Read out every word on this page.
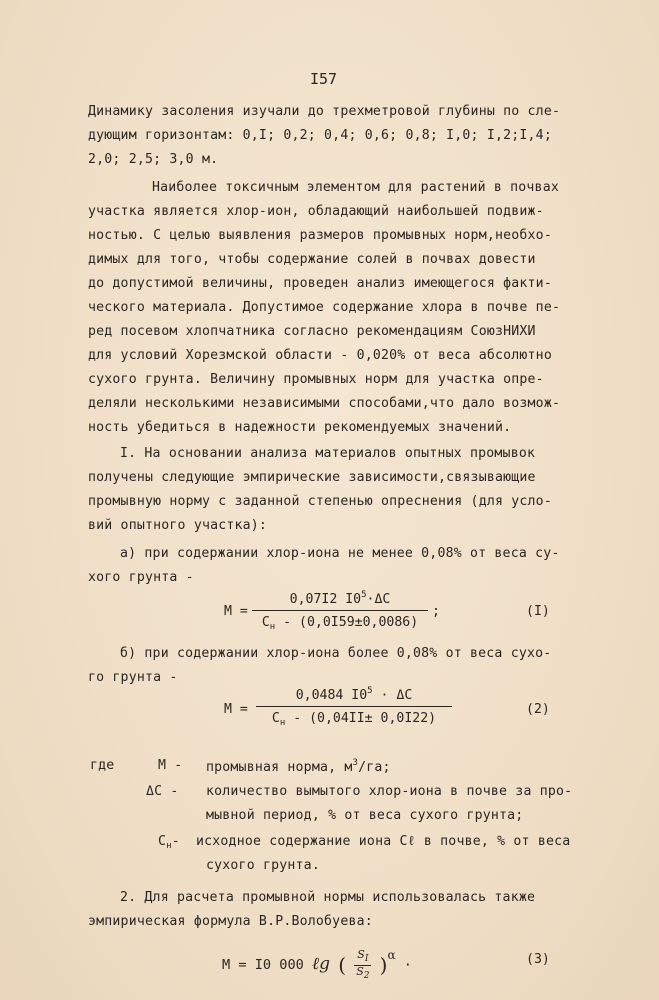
I57
Динамику засоления изучали до трехметровой глубины по сле-
дующим горизонтам: 0,I; 0,2; 0,4; 0,6; 0,8; I,0; I,2;I,4;
2,0; 2,5; 3,0 м.
Наиболее токсичным элементом для растений в почвах
участка является хлор-ион, обладающий наибольшей подвиж-
ностью. С целью выявления размеров промывных норм,необхо-
димых для того, чтобы содержание солей в почвах довести
до допустимой величины, проведен анализ имеющегося факти-
ческого материала. Допустимое содержание хлора в почве пе-
ред посевом хлопчатника согласно рекомендациям СоюзНИХИ
для условий Хорезмской области - 0,020% от веса абсолютно
сухого грунта. Величину промывных норм для участка опре-
деляли несколькими независимыми способами,что дало возмож-
ность убедиться в надежности рекомендуемых значений.
I. На основании анализа материалов опытных промывок
получены следующие эмпирические зависимости,связывающие
промывную норму с заданной степенью опреснения (для усло-
вий опытного участка):
а) при содержании хлор-иона не менее 0,08% от веса су-
хого грунта -
М =
0,07I2 $I0^5\cdot\Delta С$
$С_н - (0,0I59\pm 0,0086)$
;	(I)
б) при содержании хлор-иона более 0,08% от веса сухо-
го грунта -
М =
0,0484 $I0^5 \cdot \Delta С$
$С_н - (0,04II\pm 0,0I22)$
(2)
где	М - промывная норма, $м^3/га$;
ΔС - количество вымытого хлор-иона в почве за про-
мывной период, % от веса сухого грунта;
$С_н-$ исходное содержание иона Cℓ в почве, % от веса
сухого грунта.
2. Для расчета промывной нормы использовалась также
эмпирическая формула В.Р.Волобуева:
М = I0 000 ℓg ( $\frac{S_I}{S_2} )^\alpha$ ·	(3)
